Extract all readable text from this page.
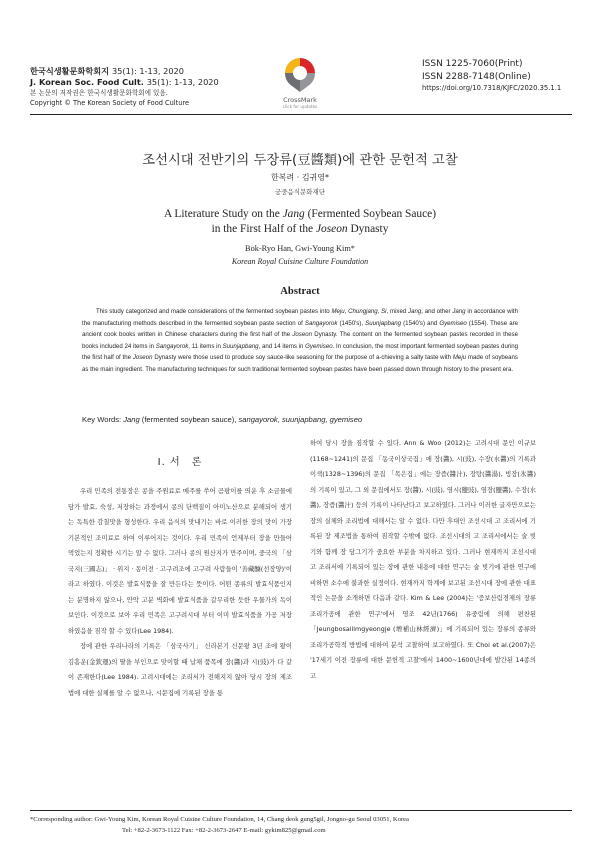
한국식생활문화학회지 35(1): 1-13, 2020
J. Korean Soc. Food Cult. 35(1): 1-13, 2020
본 논문의 저작권은 한국식생활문화학회에 있음.
Copyright © The Korean Society of Food Culture	CrossMark
click for updates
ISSN 1225-7060(Print)
ISSN 2288-7148(Online)
https://doi.org/10.7318/KJFC/2020.35.1.1
조선시대 전반기의 두장류(豆醬類)에 관한 문헌적 고찰
한복려 · 김귀영*
궁중음식문화재단
A Literature Study on the Jang (Fermented Soybean Sauce)
in the First Half of the Joseon Dynasty
Bok-Ryo Han, Gwi-Young Kim*
Korean Royal Cuisine Culture Foundation
Abstract
This study categorized and made considerations of the fermented soybean pastes into Meju, Chungjang, Si, mixed Jang, and other Jang in accordance with the manufacturing methods described in the fermented soybean paste section of Sangayorok (1450's), Suunjapbang (1540's) and Gyemiseo (1554). These are ancient cook books written in Chinese characters during the first half of the Joseon Dynasty. The content on the fermented soybean pastes recorded in these books included 24 items in Sangayorok, 11 items in Suunjapbang, and 14 items in Gyemiseo. In conclusion, the most important fermented soybean pastes during the first half of the Joseon Dynasty were those used to produce soy sauce-like seasoning for the purpose of a-chieving a salty taste with Meju made of soybeans as the main ingredient. The manufacturing techniques for such traditional fermented soybean pastes have been passed down through history to the present era.
Key Words: Jang (fermented soybean sauce), sangayorok, suunjapbang, gyemiseo
Ⅰ. 서　론

우리 민족의 전통장은 콩을 주원료로 메주를 쑤어 곰팡이를 띄운 후 소금물에 담가 발효, 숙성, 저장하는 과정에서 콩의 단백질이 아미노산으로 분해되어 생기는 독특한 감칠맛을 형성한다. 우리 음식의 맛내기는 바로 이러한 장의 맛이 가장 기본적인 조미료로 하여 이루어지는 것이다. 우리 민족이 언제부터 장을 만들어 먹었는지 정확한 시기는 알 수 없다. 그러나 콩의 원산지가 만주이며, 중국의 「삼국지(三國志)」 · 위지 · 동이전 · 고구려조에 고구려 사람들이 '善藏釀(선장양)'이라고 하였다. 이것은 발효식품을 잘 만든다는 뜻이다. 어떤 종류의 발효식품인지는 분명하지 않으나, 안악 고분 벽화에 발효식품을 갈무리한 듯한 우물가의 독이 보인다. 이것으로 보아 우리 민족은 고구려시대 부터 이미 발효식품을 가공 저장하였음을 짐작 할 수 있다(Lee 1984).

장에 관한 우리나라의 기록은 「삼국사기」 신라본기 신문왕 3년 조에 왕이 김흠운(金欽運)의 딸을 부인으로 맞이할 때 납채 품목에 장(醬)과 시(豉)가 다 같이 존재한다(Lee 1984). 고려시대에는 조리서가 전해지지 않아 당시 장의 제조법에 대한 실체를 알 수 없으나, 시문집에 기록된 장을 통

하여 당시 장을 짐작할 수 있다. Ann & Woo (2012)는 고려시대 문인 이규보(1168~1241)의 문집 「동국이상국집」에 장(醬), 시(豉), 수장(水醬)의 기록과 이색(1328~1396)의 문집 「목은집」에는 장즙(醬汁), 장탕(醬湯), 빙장(氷醬)의 기록이 있고, 그 외 문집에서도 장(醬), 시(豉), 염시(鹽豉), 염장(鹽醬), 수장(水醬), 장즙(醬汁) 등의 기록이 나타난다고 보고하였다. 그러나 이러한 글자만으로는 장의 실체와 조리법에 대해서는 알 수 없다. 다만 후대인 조선시대 고 조리서에 기록된 장 제조법을 통하여 짐작할 수밖에 없다. 조선시대의 고 조리서에서는 술 빚기와 함께 장 담그기가 중요한 부분을 차지하고 있다. 그러나 현재까지 조선시대 고 조리서에 기록되어 있는 장에 관한 내용에 대한 연구는 술 빚기에 관한 연구에 비하면 소수에 불과한 실정이다. 현재까지 학계에 보고된 조선시대 장에 관한 대표적인 논문을 소개하면 다음과 같다. Kim & Lee (2004)는 '증보산림경제의 장류 조리가공에 관한 연구'에서 영조 42년(1766) 유중림에 의해 편찬된 「Jeungbosallimgyeongje (增補山林經濟)」에 기록되어 있는 장류의 종류와 조리가공학적 방법에 대하여 분석 고찰하여 보고하였다. 또 Choi et al.(2007)은 '17세기 이전 장류에 대한 문헌적 고찰'에서 1400~1600년대에 발간된 14종의 고

*Corresponding author: Gwi-Young Kim, Korean Royal Cuisine Culture Foundation, 14, Chang deok gung5gil, Jongno-gu Seoul 03051, Korea
Tel: +82-2-3673-1122 Fax: +82-2-3673-2647 E-mail: gykim825@gmail.com
